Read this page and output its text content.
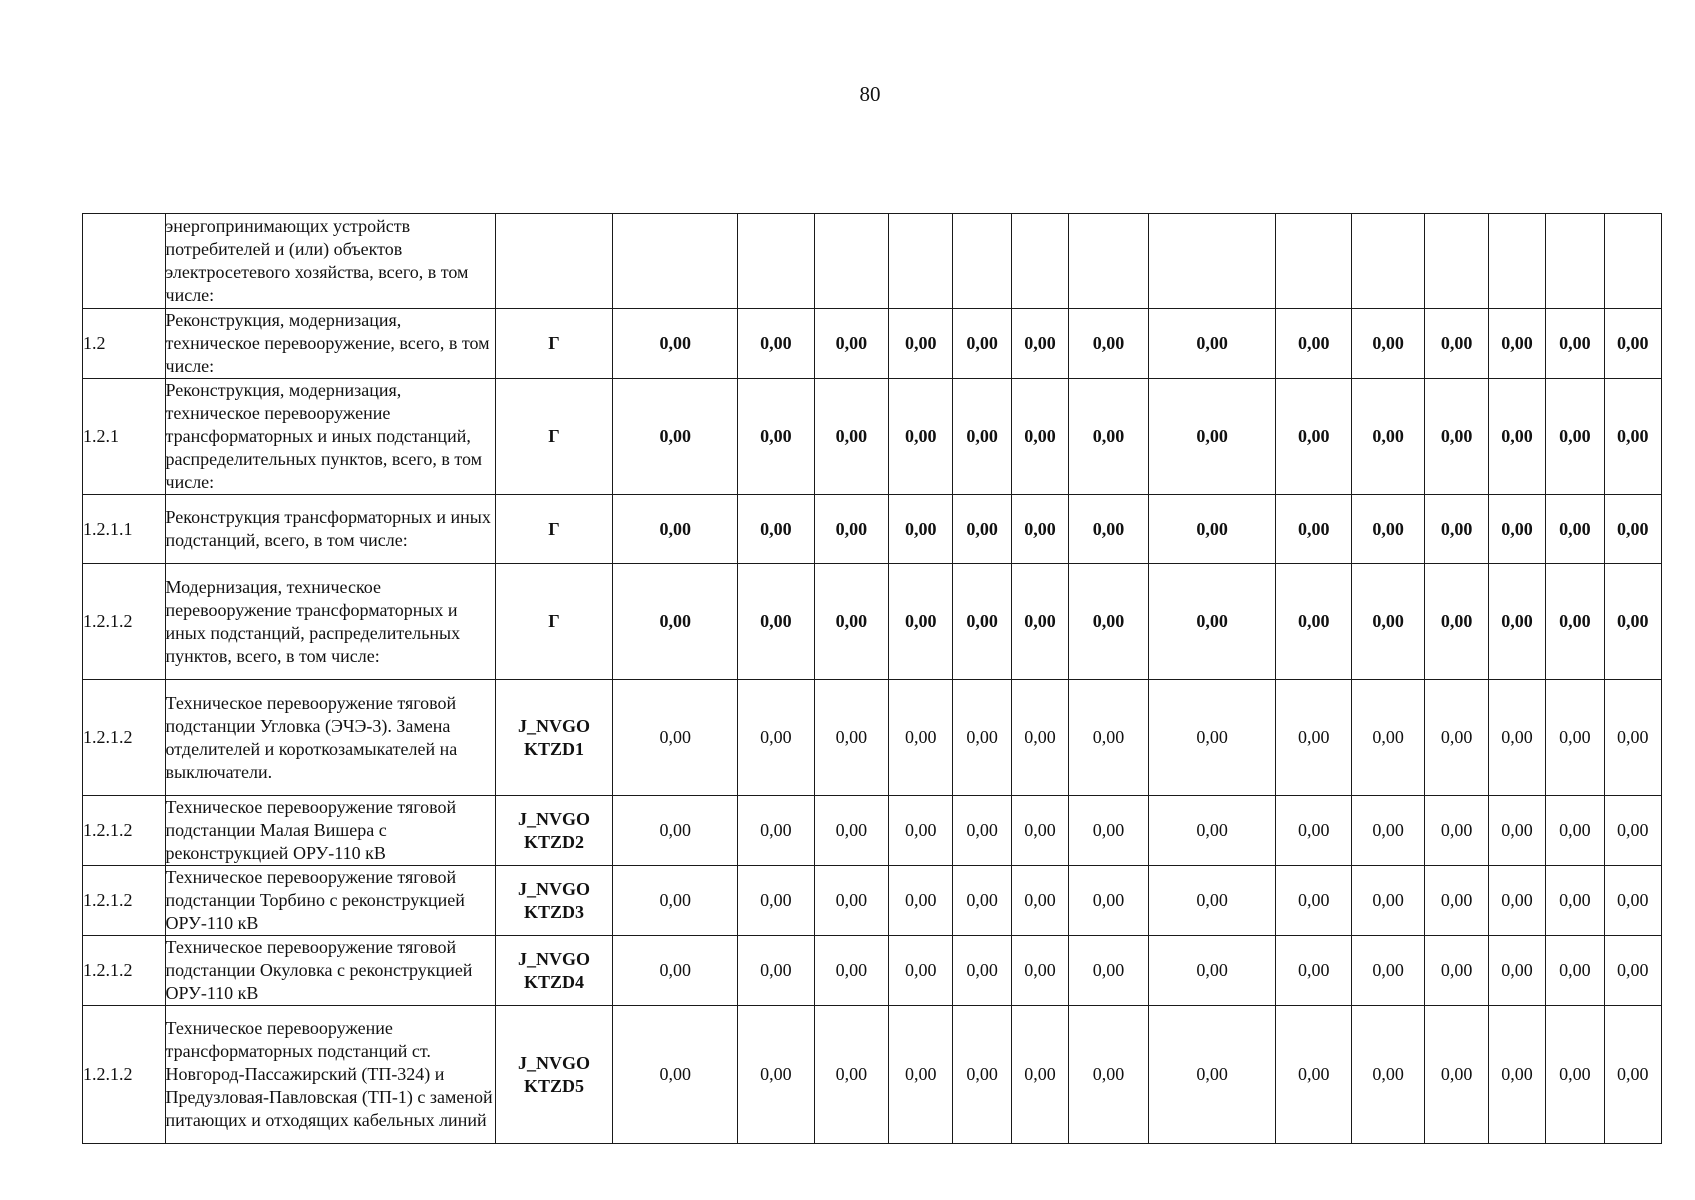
80
	энергопринимающих устройств потребителей и (или) объектов электросетевого хозяйства, всего, в том числе:															
1.2	Реконструкция, модернизация, техническое перевооружение, всего, в том числе:	Г	0,00	0,00	0,00	0,00	0,00	0,00	0,00	0,00	0,00	0,00	0,00	0,00	0,00	0,00
1.2.1	Реконструкция, модернизация, техническое перевооружение трансформаторных и иных подстанций, распределительных пунктов, всего, в том числе:	Г	0,00	0,00	0,00	0,00	0,00	0,00	0,00	0,00	0,00	0,00	0,00	0,00	0,00	0,00
1.2.1.1	Реконструкция трансформаторных и иных подстанций, всего, в том числе:	Г	0,00	0,00	0,00	0,00	0,00	0,00	0,00	0,00	0,00	0,00	0,00	0,00	0,00	0,00
1.2.1.2	Модернизация, техническое перевооружение трансформаторных и иных подстанций, распределительных пунктов, всего, в том числе:	Г	0,00	0,00	0,00	0,00	0,00	0,00	0,00	0,00	0,00	0,00	0,00	0,00	0,00	0,00
1.2.1.2	Техническое перевооружение тяговой подстанции Угловка (ЭЧЭ-3). Замена отделителей и короткозамыкателей на выключатели.	J_NVGO KTZD1	0,00	0,00	0,00	0,00	0,00	0,00	0,00	0,00	0,00	0,00	0,00	0,00	0,00	0,00
1.2.1.2	Техническое перевооружение тяговой подстанции Малая Вишера с реконструкцией ОРУ-110 кВ	J_NVGO KTZD2	0,00	0,00	0,00	0,00	0,00	0,00	0,00	0,00	0,00	0,00	0,00	0,00	0,00	0,00
1.2.1.2	Техническое перевооружение тяговой подстанции Торбино с реконструкцией ОРУ-110 кВ	J_NVGO KTZD3	0,00	0,00	0,00	0,00	0,00	0,00	0,00	0,00	0,00	0,00	0,00	0,00	0,00	0,00
1.2.1.2	Техническое перевооружение тяговой подстанции Окуловка с реконструкцией ОРУ-110 кВ	J_NVGO KTZD4	0,00	0,00	0,00	0,00	0,00	0,00	0,00	0,00	0,00	0,00	0,00	0,00	0,00	0,00
1.2.1.2	Техническое перевооружение трансформаторных подстанций ст. Новгород-Пассажирский (ТП-324) и Предузловая-Павловская (ТП-1) с заменой питающих и отходящих кабельных линий	J_NVGO KTZD5	0,00	0,00	0,00	0,00	0,00	0,00	0,00	0,00	0,00	0,00	0,00	0,00	0,00	0,00
